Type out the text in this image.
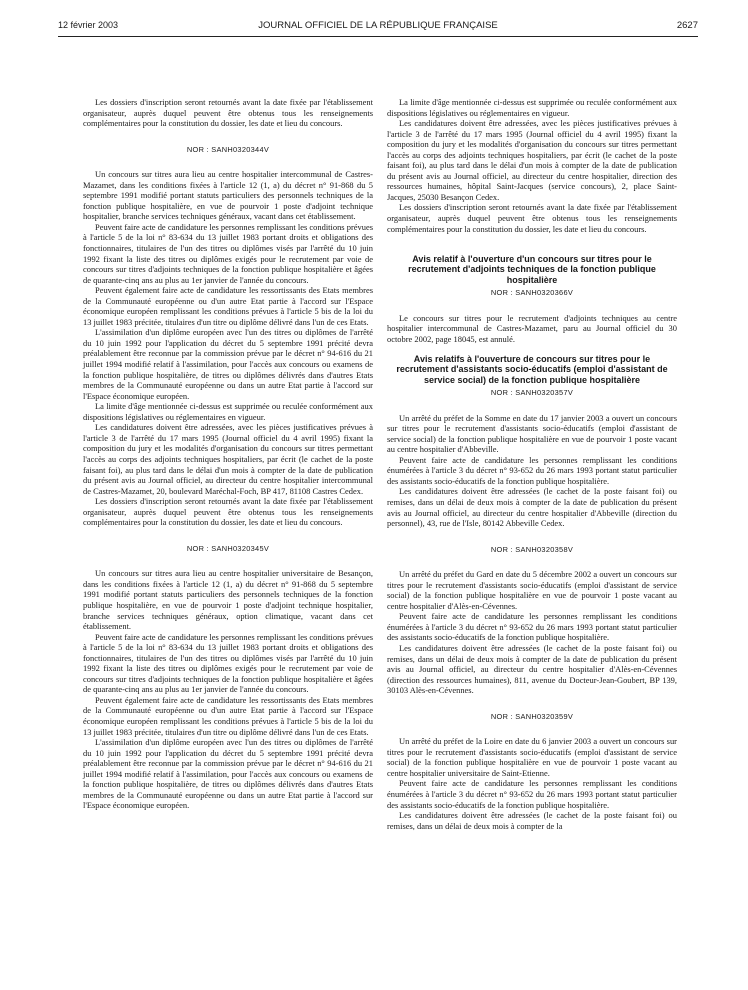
12 février 2003	JOURNAL OFFICIEL DE LA RÉPUBLIQUE FRANÇAISE	2627

Les dossiers d'inscription seront retournés avant la date fixée par l'établissement organisateur, auprès duquel peuvent être obtenus tous les renseignements complémentaires pour la constitution du dossier, les date et lieu du concours.

NOR : SANH0320344V

Un concours sur titres aura lieu au centre hospitalier intercommunal de Castres-Mazamet, dans les conditions fixées à l'article 12 (1, a) du décret n° 91-868 du 5 septembre 1991 modifié portant statuts particuliers des personnels techniques de la fonction publique hospitalière, en vue de pourvoir 1 poste d'adjoint technique hospitalier, branche services techniques généraux, vacant dans cet établissement.

Peuvent faire acte de candidature les personnes remplissant les conditions prévues à l'article 5 de la loi n° 83-634 du 13 juillet 1983 portant droits et obligations des fonctionnaires, titulaires de l'un des titres ou diplômes visés par l'arrêté du 10 juin 1992 fixant la liste des titres ou diplômes exigés pour le recrutement par voie de concours sur titres d'adjoints techniques de la fonction publique hospitalière et âgées de quarante-cinq ans au plus au 1er janvier de l'année du concours.

Peuvent également faire acte de candidature les ressortissants des Etats membres de la Communauté européenne ou d'un autre Etat partie à l'accord sur l'Espace économique européen remplissant les conditions prévues à l'article 5 bis de la loi du 13 juillet 1983 précitée, titulaires d'un titre ou diplôme délivré dans l'un de ces Etats.

L'assimilation d'un diplôme européen avec l'un des titres ou diplômes de l'arrêté du 10 juin 1992 pour l'application du décret du 5 septembre 1991 précité devra préalablement être reconnue par la commission prévue par le décret n° 94-616 du 21 juillet 1994 modifié relatif à l'assimilation, pour l'accès aux concours ou examens de la fonction publique hospitalière, de titres ou diplômes délivrés dans d'autres Etats membres de la Communauté européenne ou dans un autre Etat partie à l'accord sur l'Espace économique européen.

La limite d'âge mentionnée ci-dessus est supprimée ou reculée conformément aux dispositions législatives ou réglementaires en vigueur.

Les candidatures doivent être adressées, avec les pièces justificatives prévues à l'article 3 de l'arrêté du 17 mars 1995 (Journal officiel du 4 avril 1995) fixant la composition du jury et les modalités d'organisation du concours sur titres permettant l'accès au corps des adjoints techniques hospitaliers, par écrit (le cachet de la poste faisant foi), au plus tard dans le délai d'un mois à compter de la date de publication du présent avis au Journal officiel, au directeur du centre hospitalier intercommunal de Castres-Mazamet, 20, boulevard Maréchal-Foch, BP 417, 81108 Castres Cedex.

Les dossiers d'inscription seront retournés avant la date fixée par l'établissement organisateur, auprès duquel peuvent être obtenus tous les renseignements complémentaires pour la constitution du dossier, les date et lieu du concours.

NOR : SANH0320345V

Un concours sur titres aura lieu au centre hospitalier universitaire de Besançon, dans les conditions fixées à l'article 12 (1, a) du décret n° 91-868 du 5 septembre 1991 modifié portant statuts particuliers des personnels techniques de la fonction publique hospitalière, en vue de pourvoir 1 poste d'adjoint technique hospitalier, branche services techniques généraux, option climatique, vacant dans cet établissement.

Peuvent faire acte de candidature les personnes remplissant les conditions prévues à l'article 5 de la loi n° 83-634 du 13 juillet 1983 portant droits et obligations des fonctionnaires, titulaires de l'un des titres ou diplômes visés par l'arrêté du 10 juin 1992 fixant la liste des titres ou diplômes exigés pour le recrutement par voie de concours sur titres d'adjoints techniques de la fonction publique hospitalière et âgées de quarante-cinq ans au plus au 1er janvier de l'année du concours.

Peuvent également faire acte de candidature les ressortissants des Etats membres de la Communauté européenne ou d'un autre Etat partie à l'accord sur l'Espace économique européen remplissant les conditions prévues à l'article 5 bis de la loi du 13 juillet 1983 précitée, titulaires d'un titre ou diplôme délivré dans l'un de ces Etats.

L'assimilation d'un diplôme européen avec l'un des titres ou diplômes de l'arrêté du 10 juin 1992 pour l'application du décret du 5 septembre 1991 précité devra préalablement être reconnue par la commission prévue par le décret n° 94-616 du 21 juillet 1994 modifié relatif à l'assimilation, pour l'accès aux concours ou examens de la fonction publique hospitalière, de titres ou diplômes délivrés dans d'autres Etats membres de la Communauté européenne ou dans un autre Etat partie à l'accord sur l'Espace économique européen.

La limite d'âge mentionnée ci-dessus est supprimée ou reculée conformément aux dispositions législatives ou réglementaires en vigueur.

Les candidatures doivent être adressées, avec les pièces justificatives prévues à l'article 3 de l'arrêté du 17 mars 1995 (Journal officiel du 4 avril 1995) fixant la composition du jury et les modalités d'organisation du concours sur titres permettant l'accès au corps des adjoints techniques hospitaliers, par écrit (le cachet de la poste faisant foi), au plus tard dans le délai d'un mois à compter de la date de publication du présent avis au Journal officiel, au directeur du centre hospitalier, direction des ressources humaines, hôpital Saint-Jacques (service concours), 2, place Saint-Jacques, 25030 Besançon Cedex.

Les dossiers d'inscription seront retournés avant la date fixée par l'établissement organisateur, auprès duquel peuvent être obtenus tous les renseignements complémentaires pour la constitution du dossier, les date et lieu du concours.

Avis relatif à l'ouverture d'un concours sur titres pour le recrutement d'adjoints techniques de la fonction publique hospitalière
NOR : SANH0320366V

Le concours sur titres pour le recrutement d'adjoints techniques au centre hospitalier intercommunal de Castres-Mazamet, paru au Journal officiel du 30 octobre 2002, page 18045, est annulé.

Avis relatifs à l'ouverture de concours sur titres pour le recrutement d'assistants socio-éducatifs (emploi d'assistant de service social) de la fonction publique hospitalière
NOR : SANH0320357V

Un arrêté du préfet de la Somme en date du 17 janvier 2003 a ouvert un concours sur titres pour le recrutement d'assistants socio-éducatifs (emploi d'assistant de service social) de la fonction publique hospitalière en vue de pourvoir 1 poste vacant au centre hospitalier d'Abbeville.

Peuvent faire acte de candidature les personnes remplissant les conditions énumérées à l'article 3 du décret n° 93-652 du 26 mars 1993 portant statut particulier des assistants socio-éducatifs de la fonction publique hospitalière.

Les candidatures doivent être adressées (le cachet de la poste faisant foi) ou remises, dans un délai de deux mois à compter de la date de publication du présent avis au Journal officiel, au directeur du centre hospitalier d'Abbeville (direction du personnel), 43, rue de l'Isle, 80142 Abbeville Cedex.

NOR : SANH0320358V

Un arrêté du préfet du Gard en date du 5 décembre 2002 a ouvert un concours sur titres pour le recrutement d'assistants socio-éducatifs (emploi d'assistant de service social) de la fonction publique hospitalière en vue de pourvoir 1 poste vacant au centre hospitalier d'Alès-en-Cévennes.

Peuvent faire acte de candidature les personnes remplissant les conditions énumérées à l'article 3 du décret n° 93-652 du 26 mars 1993 portant statut particulier des assistants socio-éducatifs de la fonction publique hospitalière.

Les candidatures doivent être adressées (le cachet de la poste faisant foi) ou remises, dans un délai de deux mois à compter de la date de publication du présent avis au Journal officiel, au directeur du centre hospitalier d'Alès-en-Cévennes (direction des ressources humaines), 811, avenue du Docteur-Jean-Goubert, BP 139, 30103 Alès-en-Cévennes.

NOR : SANH0320359V

Un arrêté du préfet de la Loire en date du 6 janvier 2003 a ouvert un concours sur titres pour le recrutement d'assistants socio-éducatifs (emploi d'assistant de service social) de la fonction publique hospitalière en vue de pourvoir 1 poste vacant au centre hospitalier universitaire de Saint-Etienne.

Peuvent faire acte de candidature les personnes remplissant les conditions énumérées à l'article 3 du décret n° 93-652 du 26 mars 1993 portant statut particulier des assistants socio-éducatifs de la fonction publique hospitalière.

Les candidatures doivent être adressées (le cachet de la poste faisant foi) ou remises, dans un délai de deux mois à compter de la
